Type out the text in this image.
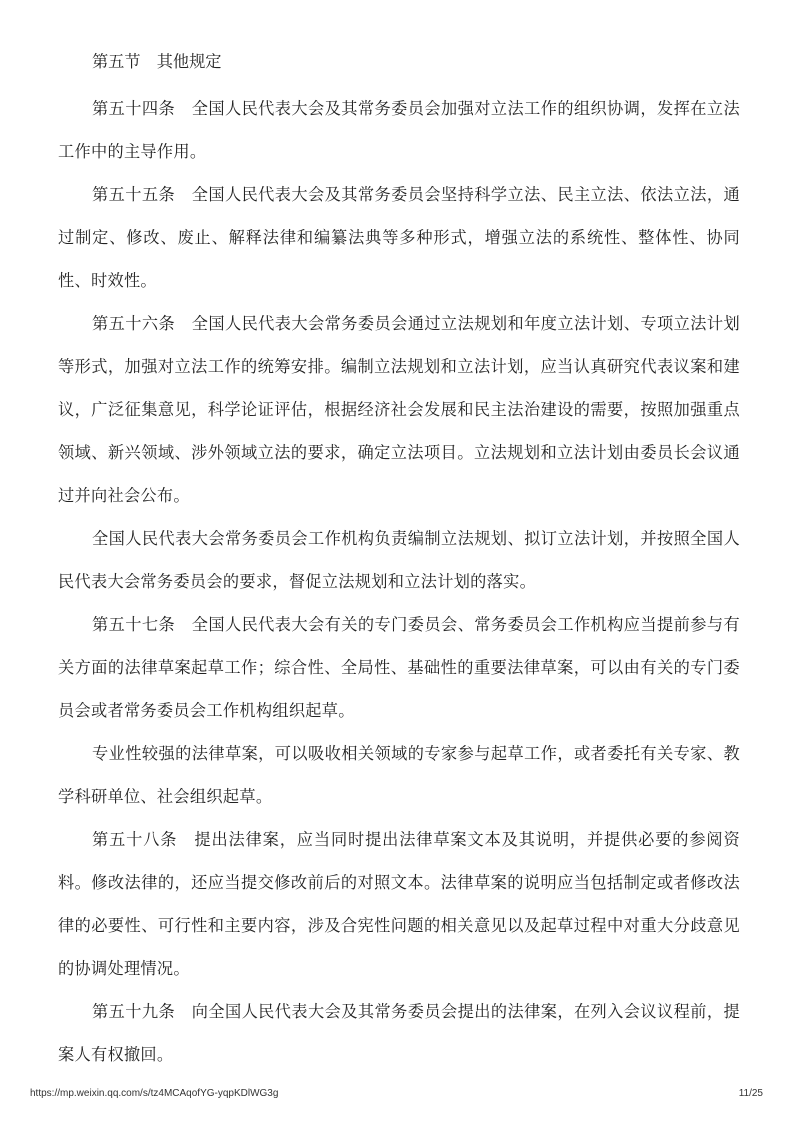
第五节　其他规定

第五十四条　全国人民代表大会及其常务委员会加强对立法工作的组织协调，发挥在立法工作中的主导作用。

第五十五条　全国人民代表大会及其常务委员会坚持科学立法、民主立法、依法立法，通过制定、修改、废止、解释法律和编纂法典等多种形式，增强立法的系统性、整体性、协同性、时效性。

第五十六条　全国人民代表大会常务委员会通过立法规划和年度立法计划、专项立法计划等形式，加强对立法工作的统筹安排。编制立法规划和立法计划，应当认真研究代表议案和建议，广泛征集意见，科学论证评估，根据经济社会发展和民主法治建设的需要，按照加强重点领域、新兴领域、涉外领域立法的要求，确定立法项目。立法规划和立法计划由委员长会议通过并向社会公布。

全国人民代表大会常务委员会工作机构负责编制立法规划、拟订立法计划，并按照全国人民代表大会常务委员会的要求，督促立法规划和立法计划的落实。

第五十七条　全国人民代表大会有关的专门委员会、常务委员会工作机构应当提前参与有关方面的法律草案起草工作；综合性、全局性、基础性的重要法律草案，可以由有关的专门委员会或者常务委员会工作机构组织起草。

专业性较强的法律草案，可以吸收相关领域的专家参与起草工作，或者委托有关专家、教学科研单位、社会组织起草。

第五十八条　提出法律案，应当同时提出法律草案文本及其说明，并提供必要的参阅资料。修改法律的，还应当提交修改前后的对照文本。法律草案的说明应当包括制定或者修改法律的必要性、可行性和主要内容，涉及合宪性问题的相关意见以及起草过程中对重大分歧意见的协调处理情况。

第五十九条　向全国人民代表大会及其常务委员会提出的法律案，在列入会议议程前，提案人有权撤回。

https://mp.weixin.qq.com/s/tz4MCAqofYG-yqpKDlWG3g	11/25
